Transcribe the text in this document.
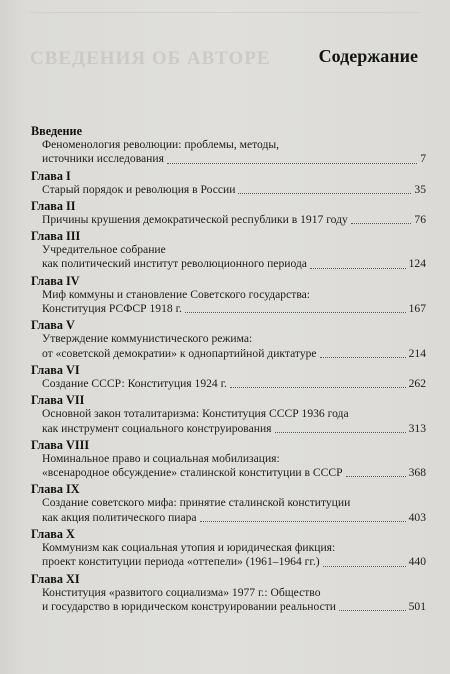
СВЕДЕНИЯ ОБ АВТОРЕ	Содержание
Введение
Феноменология революции: проблемы, методы,
источники исследования	7
Глава I
Старый порядок и революция в России	35
Глава II
Причины крушения демократической республики в 1917 году	76
Глава III
Учредительное собрание
как политический институт революционного периода	124
Глава IV
Миф коммуны и становление Советского государства:
Конституция РСФСР 1918 г.	167
Глава V
Утверждение коммунистического режима:
от «советской демократии» к однопартийной диктатуре	214
Глава VI
Создание СССР: Конституция 1924 г.	262
Глава VII
Основной закон тоталитаризма: Конституция СССР 1936 года
как инструмент социального конструирования	313
Глава VIII
Номинальное право и социальная мобилизация:
«всенародное обсуждение» сталинской конституции в СССР	368
Глава IX
Создание советского мифа: принятие сталинской конституции
как акция политического пиара	403
Глава X
Коммунизм как социальная утопия и юридическая фикция:
проект конституции периода «оттепели» (1961–1964 гг.)	440
Глава XI
Конституция «развитого социализма» 1977 г.: Общество
и государство в юридическом конструировании реальности	501
